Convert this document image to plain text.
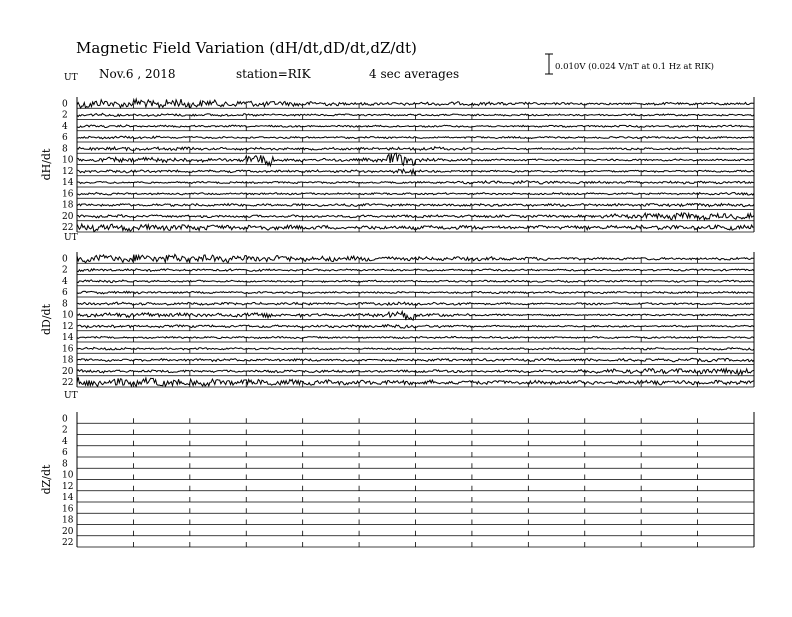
Magnetic Field Variation (dH/dt,dD/dt,dZ/dt)
Nov.6 , 2018	station=RIK	4 sec averages	0.010V (0.024 V/nT at 0.1 Hz at RIK)
UT
dH/dt
0
2
4
6
8
10
12
14
16
18
20
22
UT
dD/dt
0
2
4
6
8
10
12
14
16
18
20
22
UT
dZ/dt
0
2
4
6
8
10
12
14
16
18
20
22
